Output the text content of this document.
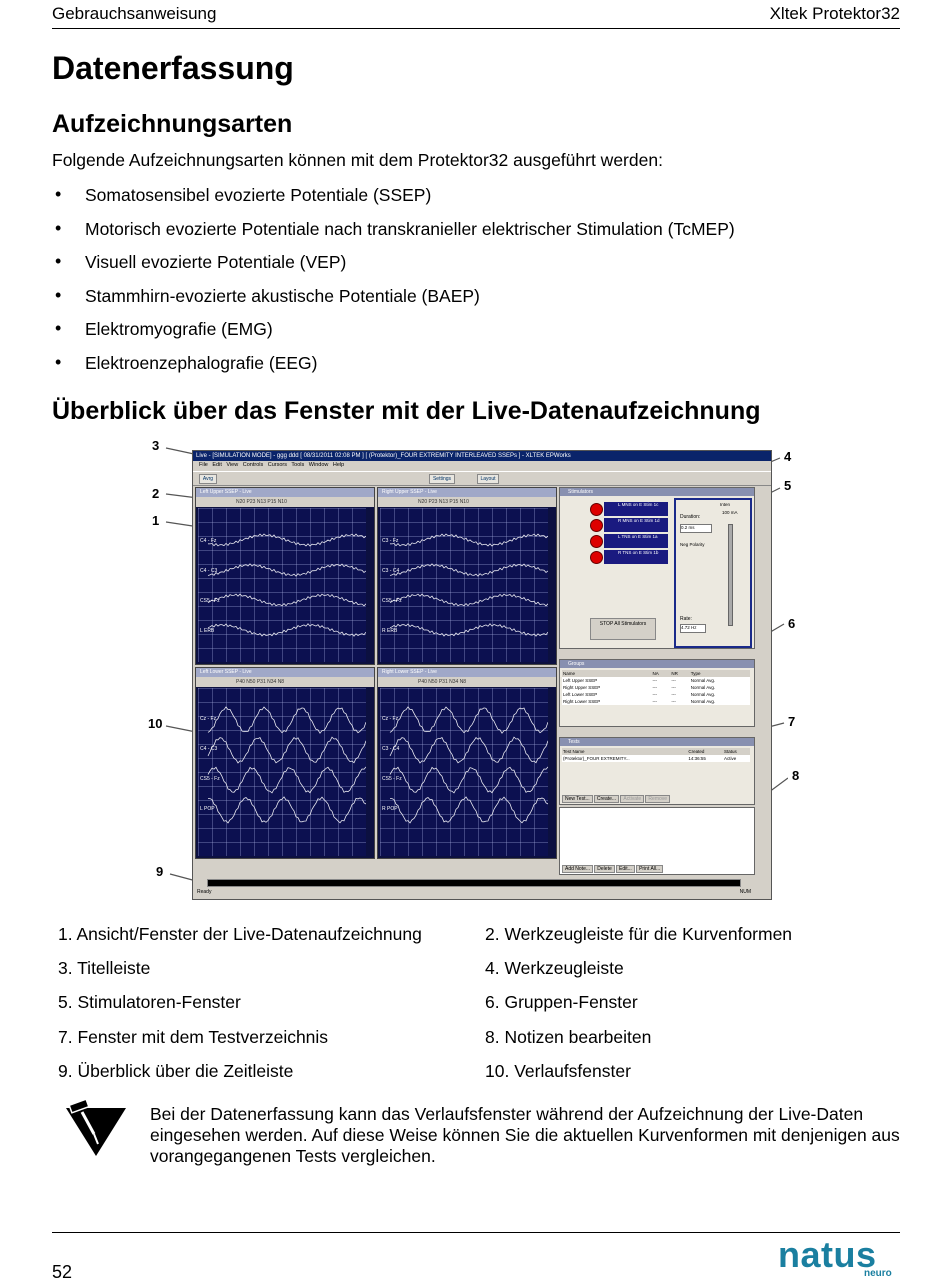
Gebrauchsanweisung	Xltek Protektor32
Datenerfassung
Aufzeichnungsarten

Folgende Aufzeichnungsarten können mit dem Protektor32 ausgeführt werden:

• Somatosensibel evozierte Potentiale (SSEP)
• Motorisch evozierte Potentiale nach transkranieller elektrischer Stimulation (TcMEP)
• Visuell evozierte Potentiale (VEP)
• Stammhirn-evozierte akustische Potentiale (BAEP)
• Elektromyografie (EMG)
• Elektroenzephalografie (EEG)
Überblick über das Fenster mit der Live-Datenaufzeichnung
3
2
1
4
5
6
7
8
10
9
Live - [SIMULATION MODE] - ggg ddd [ 08/31/2011 02:08 PM ] [ (Protektor)_FOUR EXTREMITY INTERLEAVED SSEPs ] - XLTEK EPWorks
File Edit View Controls Cursors Tools Window Help
Avrg	Settings	Layout
Left Upper SSEP - Live
N20 P23 N13 P15 N10
C4 - Fz
C4 - C3
CS5 - Fz
L ERB
Right Upper SSEP - Live
N20 P23 N13 P15 N10
C3 - Fz
C3 - C4
CS5 - Fz
R ERB
Left Lower SSEP - Live
P40 N50 P31 N34 N8
Cz - Fz
C4 - C3
CS5 - Fz
L POP
Right Lower SSEP - Live
P40 N50 P31 N34 N8
Cz - Fz
C3 - C4
CS5 - Fz
R POP
Stimulators
L MNS on E Stim 1c
R MNS on E Stim 1d
L TNS on E Stim 1a
R TNS on E Stim 1b
STOP All Stimulators
Duration:
0.2 ms
Neg Polarity
Rate:
4.72 Hz
Inten
100 mA
Groups
Name	NA	NR	Type
Left Upper SSEP	---	---	Normal Avg.
Right Upper SSEP	---	---	Normal Avg.
Left Lower SSEP	---	---	Normal Avg.
Right Lower SSEP	---	---	Normal Avg.
Tests
Test Name	Created	Status
(Protektor)_FOUR EXTREMITY...	14:36:55	Active
New Test... Create... Activate Remove
Add Note... Delete Edit... Print All...
Ready	NUM
1. Ansicht/Fenster der Live-Datenaufzeichnung	2. Werkzeugleiste für die Kurvenformen
3. Titelleiste	4. Werkzeugleiste
5. Stimulatoren-Fenster	6. Gruppen-Fenster
7. Fenster mit dem Testverzeichnis	8. Notizen bearbeiten
9. Überblick über die Zeitleiste	10. Verlaufsfenster

Bei der Datenerfassung kann das Verlaufsfenster während der Aufzeichnung der Live-Daten eingesehen werden. Auf diese Weise können Sie die aktuellen Kurvenformen mit denjenigen aus vorangegangenen Tests vergleichen.

52	natus
neuro
